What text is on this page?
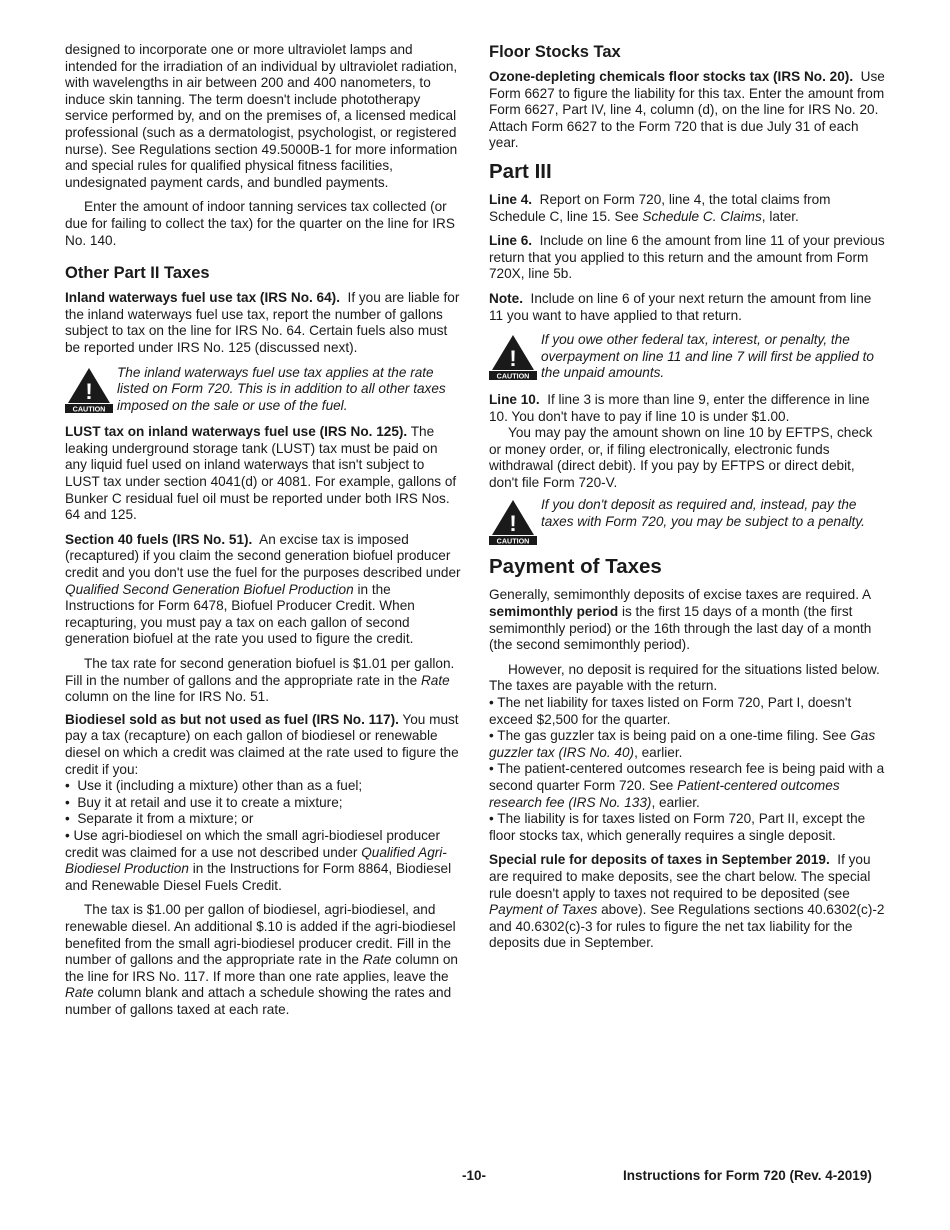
designed to incorporate one or more ultraviolet lamps and intended for the irradiation of an individual by ultraviolet radiation, with wavelengths in air between 200 and 400 nanometers, to induce skin tanning. The term doesn't include phototherapy service performed by, and on the premises of, a licensed medical professional (such as a dermatologist, psychologist, or registered nurse). See Regulations section 49.5000B-1 for more information and special rules for qualified physical fitness facilities, undesignated payment cards, and bundled payments.

Enter the amount of indoor tanning services tax collected (or due for failing to collect the tax) for the quarter on the line for IRS No. 140.

Other Part II Taxes

Inland waterways fuel use tax (IRS No. 64). If you are liable for the inland waterways fuel use tax, report the number of gallons subject to tax on the line for IRS No. 64. Certain fuels also must be reported under IRS No. 125 (discussed next).

!
CAUTION
The inland waterways fuel use tax applies at the rate listed on Form 720. This is in addition to all other taxes imposed on the sale or use of the fuel.

LUST tax on inland waterways fuel use (IRS No. 125). The leaking underground storage tank (LUST) tax must be paid on any liquid fuel used on inland waterways that isn't subject to LUST tax under section 4041(d) or 4081. For example, gallons of Bunker C residual fuel oil must be reported under both IRS Nos. 64 and 125.

Section 40 fuels (IRS No. 51). An excise tax is imposed (recaptured) if you claim the second generation biofuel producer credit and you don't use the fuel for the purposes described under Qualified Second Generation Biofuel Production in the Instructions for Form 6478, Biofuel Producer Credit. When recapturing, you must pay a tax on each gallon of second generation biofuel at the rate you used to figure the credit.

The tax rate for second generation biofuel is $1.01 per gallon. Fill in the number of gallons and the appropriate rate in the Rate column on the line for IRS No. 51.

Biodiesel sold as but not used as fuel (IRS No. 117). You must pay a tax (recapture) on each gallon of biodiesel or renewable diesel on which a credit was claimed at the rate used to figure the credit if you:

• Use it (including a mixture) other than as a fuel;
• Buy it at retail and use it to create a mixture;
• Separate it from a mixture; or
• Use agri-biodiesel on which the small agri-biodiesel producer credit was claimed for a use not described under Qualified Agri-Biodiesel Production in the Instructions for Form 8864, Biodiesel and Renewable Diesel Fuels Credit.

The tax is $1.00 per gallon of biodiesel, agri-biodiesel, and renewable diesel. An additional $.10 is added if the agri-biodiesel benefited from the small agri-biodiesel producer credit. Fill in the number of gallons and the appropriate rate in the Rate column on the line for IRS No. 117. If more than one rate applies, leave the Rate column blank and attach a schedule showing the rates and number of gallons taxed at each rate.

Floor Stocks Tax

Ozone-depleting chemicals floor stocks tax (IRS No. 20). Use Form 6627 to figure the liability for this tax. Enter the amount from Form 6627, Part IV, line 4, column (d), on the line for IRS No. 20. Attach Form 6627 to the Form 720 that is due July 31 of each year.

Part III

Line 4. Report on Form 720, line 4, the total claims from Schedule C, line 15. See Schedule C. Claims, later.

Line 6. Include on line 6 the amount from line 11 of your previous return that you applied to this return and the amount from Form 720X, line 5b.

Note. Include on line 6 of your next return the amount from line 11 you want to have applied to that return.

!
CAUTION
If you owe other federal tax, interest, or penalty, the overpayment on line 11 and line 7 will first be applied to the unpaid amounts.

Line 10. If line 3 is more than line 9, enter the difference in line 10. You don't have to pay if line 10 is under $1.00.

You may pay the amount shown on line 10 by EFTPS, check or money order, or, if filing electronically, electronic funds withdrawal (direct debit). If you pay by EFTPS or direct debit, don't file Form 720-V.

!
CAUTION
If you don't deposit as required and, instead, pay the taxes with Form 720, you may be subject to a penalty.
Payment of Taxes

Generally, semimonthly deposits of excise taxes are required. A semimonthly period is the first 15 days of a month (the first semimonthly period) or the 16th through the last day of a month (the second semimonthly period).

However, no deposit is required for the situations listed below. The taxes are payable with the return.

• The net liability for taxes listed on Form 720, Part I, doesn't exceed $2,500 for the quarter.
• The gas guzzler tax is being paid on a one-time filing. See Gas guzzler tax (IRS No. 40), earlier.
• The patient-centered outcomes research fee is being paid with a second quarter Form 720. See Patient-centered outcomes research fee (IRS No. 133), earlier.
• The liability is for taxes listed on Form 720, Part II, except the floor stocks tax, which generally requires a single deposit.

Special rule for deposits of taxes in September 2019. If you are required to make deposits, see the chart below. The special rule doesn't apply to taxes not required to be deposited (see Payment of Taxes above). See Regulations sections 40.6302(c)-2 and 40.6302(c)-3 for rules to figure the net tax liability for the deposits due in September.

-10-	Instructions for Form 720 (Rev. 4-2019)
